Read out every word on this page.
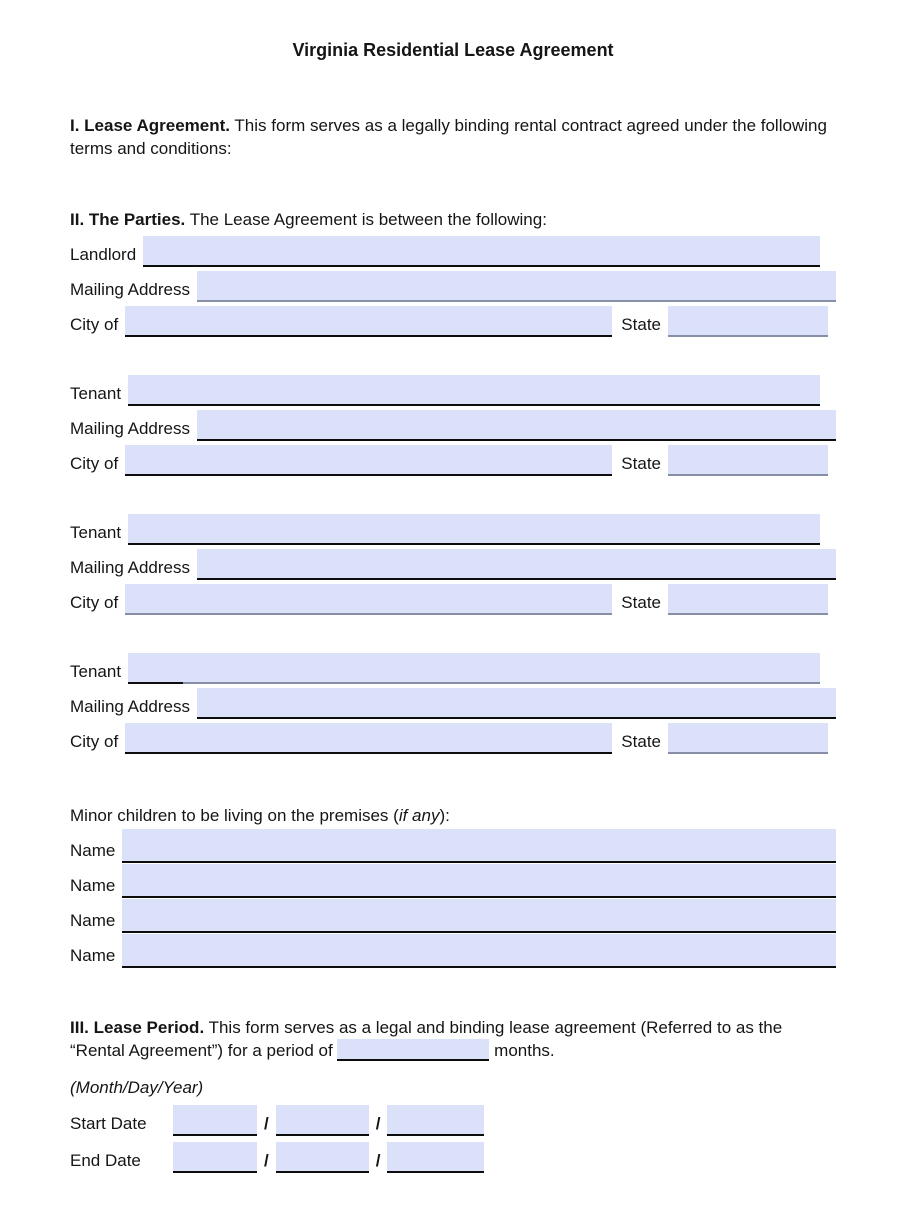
Virginia Residential Lease Agreement

I. Lease Agreement. This form serves as a legally binding rental contract agreed under the following terms and conditions:

II. The Parties. The Lease Agreement is between the following:

Landlord
Mailing Address
City of	State
Tenant
Mailing Address
City of	State
Tenant
Mailing Address
City of	State
Tenant
Mailing Address
City of	State

Minor children to be living on the premises (if any):

Name
Name
Name
Name

III. Lease Period. This form serves as a legal and binding lease agreement (Referred to as the “Rental Agreement”) for a period of	months.

(Month/Day/Year)

Start Date	/	/
End Date	/	/
